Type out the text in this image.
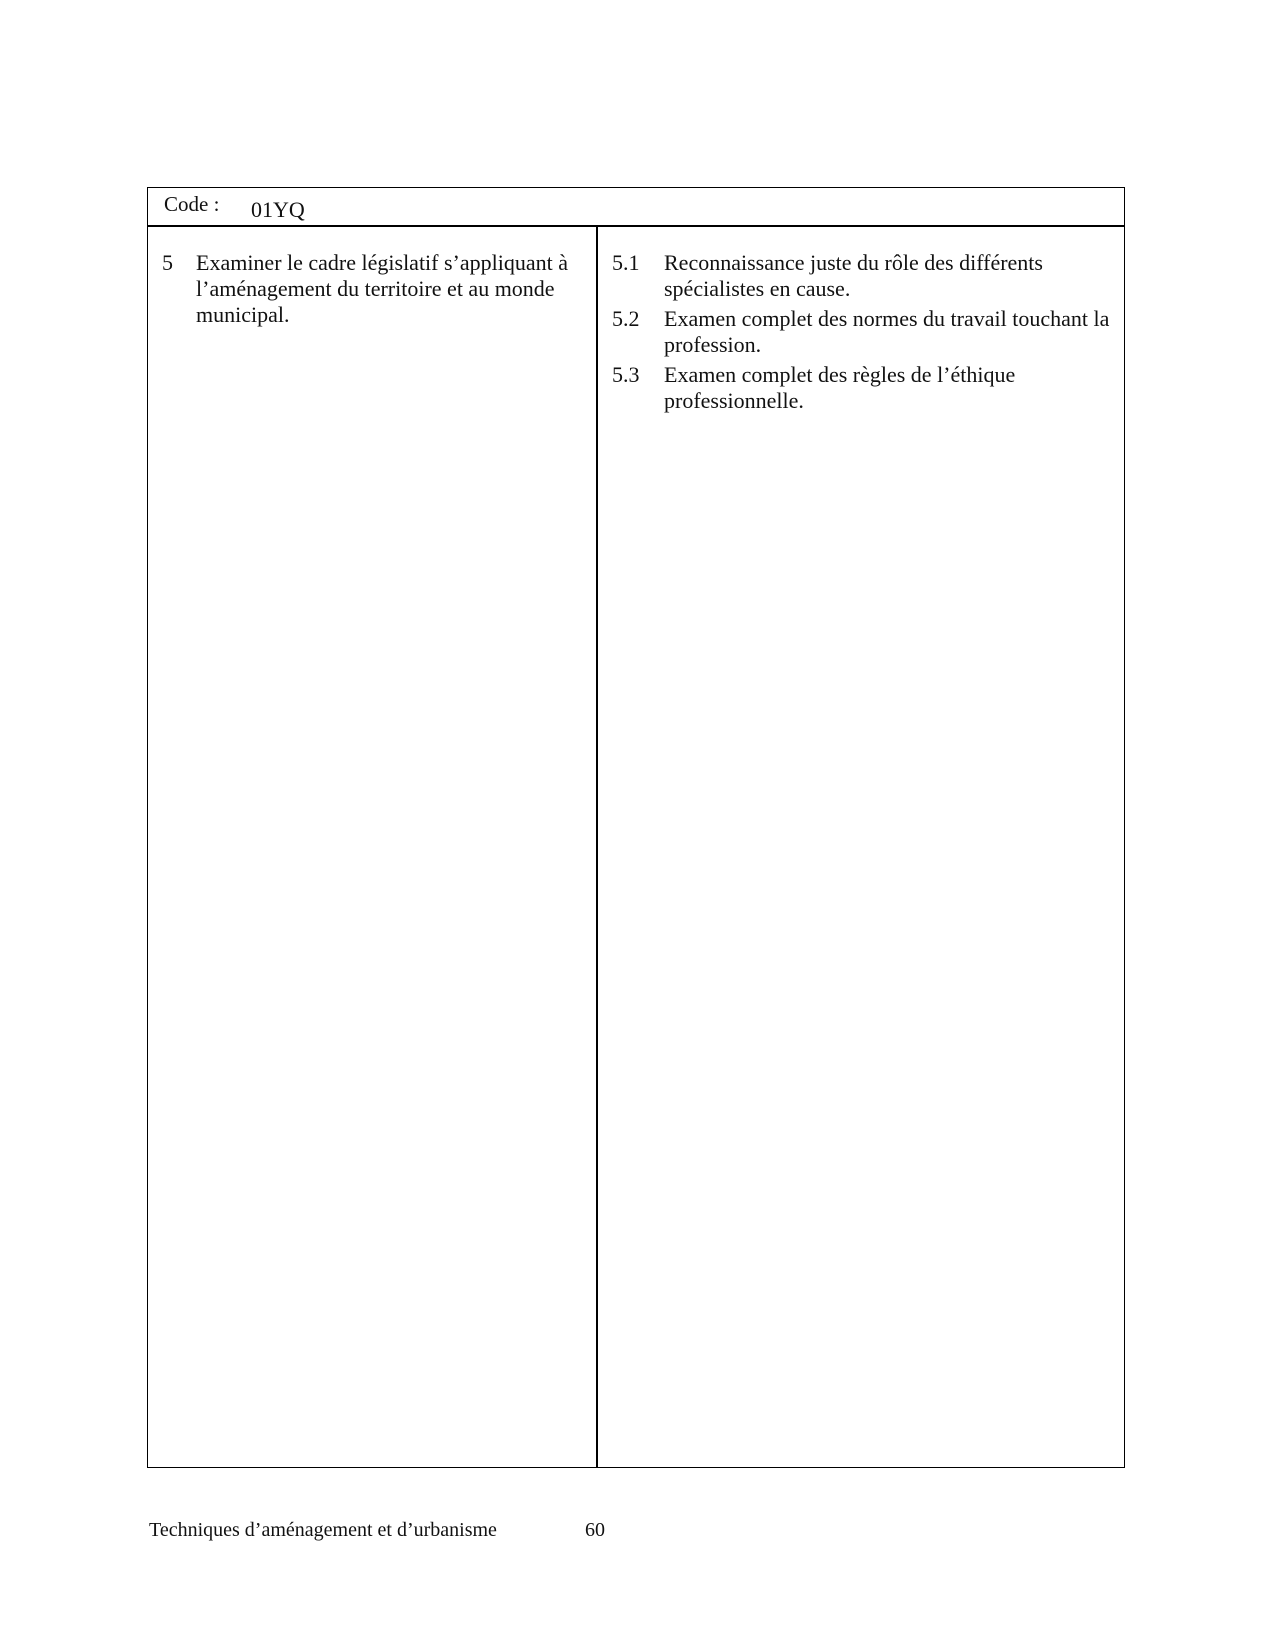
Code : 01YQ
5	Examiner le cadre législatif s’appliquant à l’aménagement du territoire et au monde municipal.
5.1	Reconnaissance juste du rôle des différents spécialistes en cause.
5.2	Examen complet des normes du travail touchant la profession.
5.3	Examen complet des règles de l’éthique professionnelle.
Techniques d’aménagement et d’urbanisme	60
